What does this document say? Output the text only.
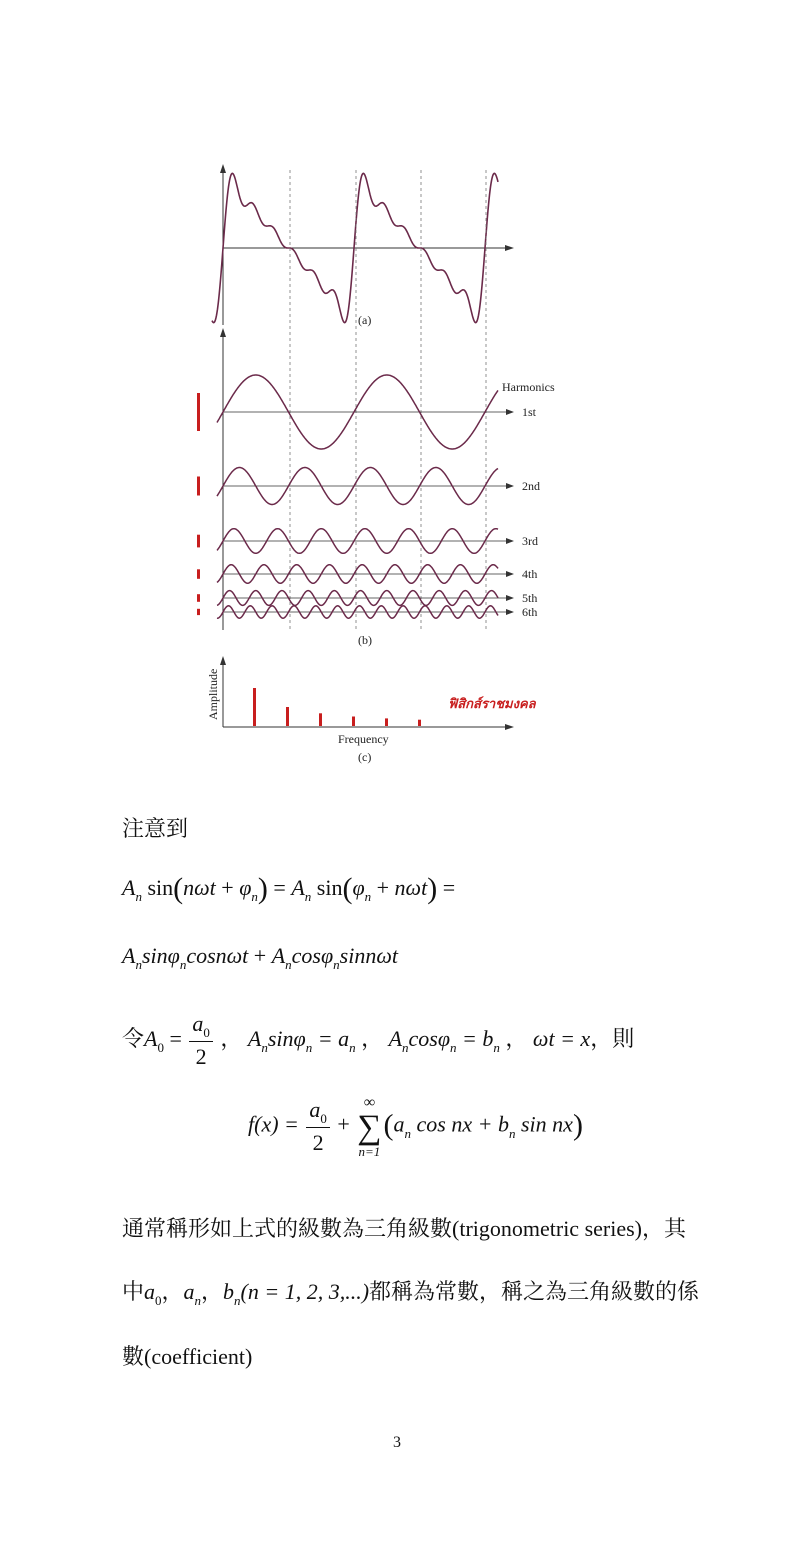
(a)
Harmonics
1st
2nd
3rd
4th
5th
6th
(b)
Amplitude
Frequency
(c)
ฟิสิกส์ราชมงคล
注意到
$A_n$ $\sin(n\omega t + \varphi_n) = A_n$ $\sin(\varphi_n + n\omega t)$ =
$A_n\sin\varphi_n\cos n\omega t + A_n\cos\varphi_n\sin n\omega t$
令$A_0 = \frac{a_0}{2}$ ， $A_n\sin\varphi_n = a_n$ ， $A_n\cos\varphi_n = b_n$ ， ωt = x，則
$f(x) = \frac{a_0}{2}$ +
∞
∑
n=1
($a_n$ cos nx + $b_n$ sin nx)
通常稱形如上式的級數為三角級數(trigonometric series)，其
中$a_0$，$a_n$，$b_n(n = 1$, 2, 3,...)都稱為常數，稱之為三角級數的係
數(coefficient)
3
